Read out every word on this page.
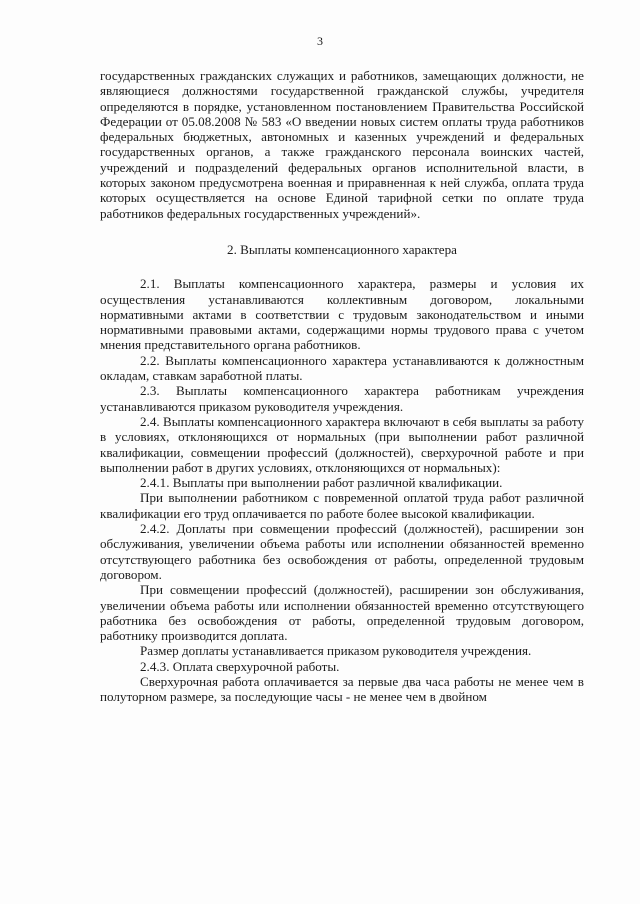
3

государственных гражданских служащих и работников, замещающих должности, не являющиеся должностями государственной гражданской службы, учредителя определяются в порядке, установленном постановлением Правительства Российской Федерации от 05.08.2008 № 583 «О введении новых систем оплаты труда работников федеральных бюджетных, автономных и казенных учреждений и федеральных государственных органов, а также гражданского персонала воинских частей, учреждений и подразделений федеральных органов исполнительной власти, в которых законом предусмотрена военная и приравненная к ней служба, оплата труда которых осуществляется на основе Единой тарифной сетки по оплате труда работников федеральных государственных учреждений».

2. Выплаты компенсационного характера

2.1. Выплаты компенсационного характера, размеры и условия их осуществления устанавливаются коллективным договором, локальными нормативными актами в соответствии с трудовым законодательством и иными нормативными правовыми актами, содержащими нормы трудового права с учетом мнения представительного органа работников.

2.2. Выплаты компенсационного характера устанавливаются к должностным окладам, ставкам заработной платы.

2.3. Выплаты компенсационного характера работникам учреждения устанавливаются приказом руководителя учреждения.

2.4. Выплаты компенсационного характера включают в себя выплаты за работу в условиях, отклоняющихся от нормальных (при выполнении работ различной квалификации, совмещении профессий (должностей), сверхурочной работе и при выполнении работ в других условиях, отклоняющихся от нормальных):

2.4.1. Выплаты при выполнении работ различной квалификации.

При выполнении работником с повременной оплатой труда работ различной квалификации его труд оплачивается по работе более высокой квалификации.

2.4.2. Доплаты при совмещении профессий (должностей), расширении зон обслуживания, увеличении объема работы или исполнении обязанностей временно отсутствующего работника без освобождения от работы, определенной трудовым договором.

При совмещении профессий (должностей), расширении зон обслуживания, увеличении объема работы или исполнении обязанностей временно отсутствующего работника без освобождения от работы, определенной трудовым договором, работнику производится доплата.

Размер доплаты устанавливается приказом руководителя учреждения.

2.4.3. Оплата сверхурочной работы.

Сверхурочная работа оплачивается за первые два часа работы не менее чем в полуторном размере, за последующие часы - не менее чем в двойном
